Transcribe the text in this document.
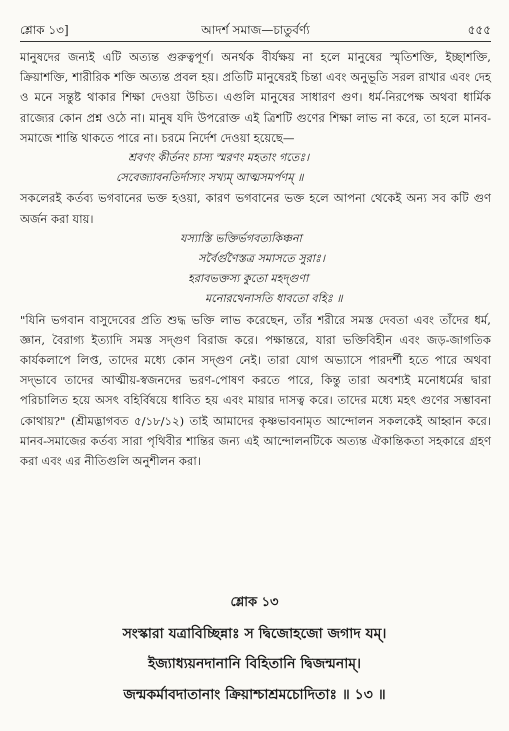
আদর্শ সমাজ—চাতুর্বর্ণ্য
শ্লোক ১৩]	৫৫৫

মানুষদের জন্যই এটি অত্যন্ত গুরুত্বপূর্ণ। অনর্থক বীর্যক্ষয় না হলে মানুষের স্মৃতিশক্তি, ইচ্ছাশক্তি, ক্রিয়াশক্তি, শারীরিক শক্তি অত্যন্ত প্রবল হয়। প্রতিটি মানুষেরই চিন্তা এবং অনুভূতি সরল রাখার এবং দেহ ও মনে সন্তুষ্ট থাকার শিক্ষা দেওয়া উচিত। এগুলি মানুষের সাধারণ গুণ। ধর্ম-নিরপেক্ষ অথবা ধার্মিক রাজ্যের কোন প্রশ্ন ওঠে না। মানুষ যদি উপরোক্ত এই ত্রিশটি গুণের শিক্ষা লাভ না করে, তা হলে মানব-সমাজে শান্তি থাকতে পারে না। চরমে নির্দেশ দেওয়া হয়েছে—

শ্রবণং কীর্তনং চাস্য স্মরণং মহতাং গতেঃ।

সেবেজ্যাবনতির্দাস্যং সখ্যম্‌ আত্মসমর্পণম্‌ ॥

সকলেরই কর্তব্য ভগবানের ভক্ত হওয়া, কারণ ভগবানের ভক্ত হলে আপনা থেকেই অন্য সব কটি গুণ অর্জন করা যায়।

যস্যাস্তি ভক্তির্ভগবত্যকিঞ্চনা

সর্বৈর্গুণৈস্তত্র সমাসতে সুরাঃ।

হরাবভক্তস্য কুতো মহদ্‌গুণা

মনোরথেনাসতি ধাবতো বহিঃ ॥

"যিনি ভগবান বাসুদেবের প্রতি শুদ্ধ ভক্তি লাভ করেছেন, তাঁর শরীরে সমস্ত দেবতা এবং তাঁদের ধর্ম, জ্ঞান, বৈরাগ্য ইত্যাদি সমস্ত সদ্‌গুণ বিরাজ করে। পক্ষান্তরে, যারা ভক্তিবিহীন এবং জড়-জাগতিক কার্যকলাপে লিপ্ত, তাদের মধ্যে কোন সদ্‌গুণ নেই। তারা যোগ অভ্যাসে পারদর্শী হতে পারে অথবা সদ্‌ভাবে তাদের আত্মীয়-স্বজনদের ভরণ-পোষণ করতে পারে, কিন্তু তারা অবশ্যই মনোধর্মের দ্বারা পরিচালিত হয়ে অসৎ বহির্বিষয়ে ধাবিত হয় এবং মায়ার দাসত্ব করে। তাদের মধ্যে মহৎ গুণের সম্ভাবনা কোথায়?" (শ্রীমদ্ভাগবত ৫/১৮/১২) তাই আমাদের কৃষ্ণভাবনামৃত আন্দোলন সকলকেই আহ্বান করে। মানব-সমাজের কর্তব্য সারা পৃথিবীর শান্তির জন্য এই আন্দোলনটিকে অত্যন্ত ঐকান্তিকতা সহকারে গ্রহণ করা এবং এর নীতিগুলি অনুশীলন করা।

শ্লোক ১৩
সংস্কারা যত্রাবিচ্ছিন্নাঃ স দ্বিজোহজো জগাদ যম্‌।
ইজ্যাধ্যয়নদানানি বিহিতানি দ্বিজন্মনাম্‌।
জন্মকর্মাবদাতানাং ক্রিয়াশ্চাশ্রমচোদিতাঃ ॥ ১৩ ॥
